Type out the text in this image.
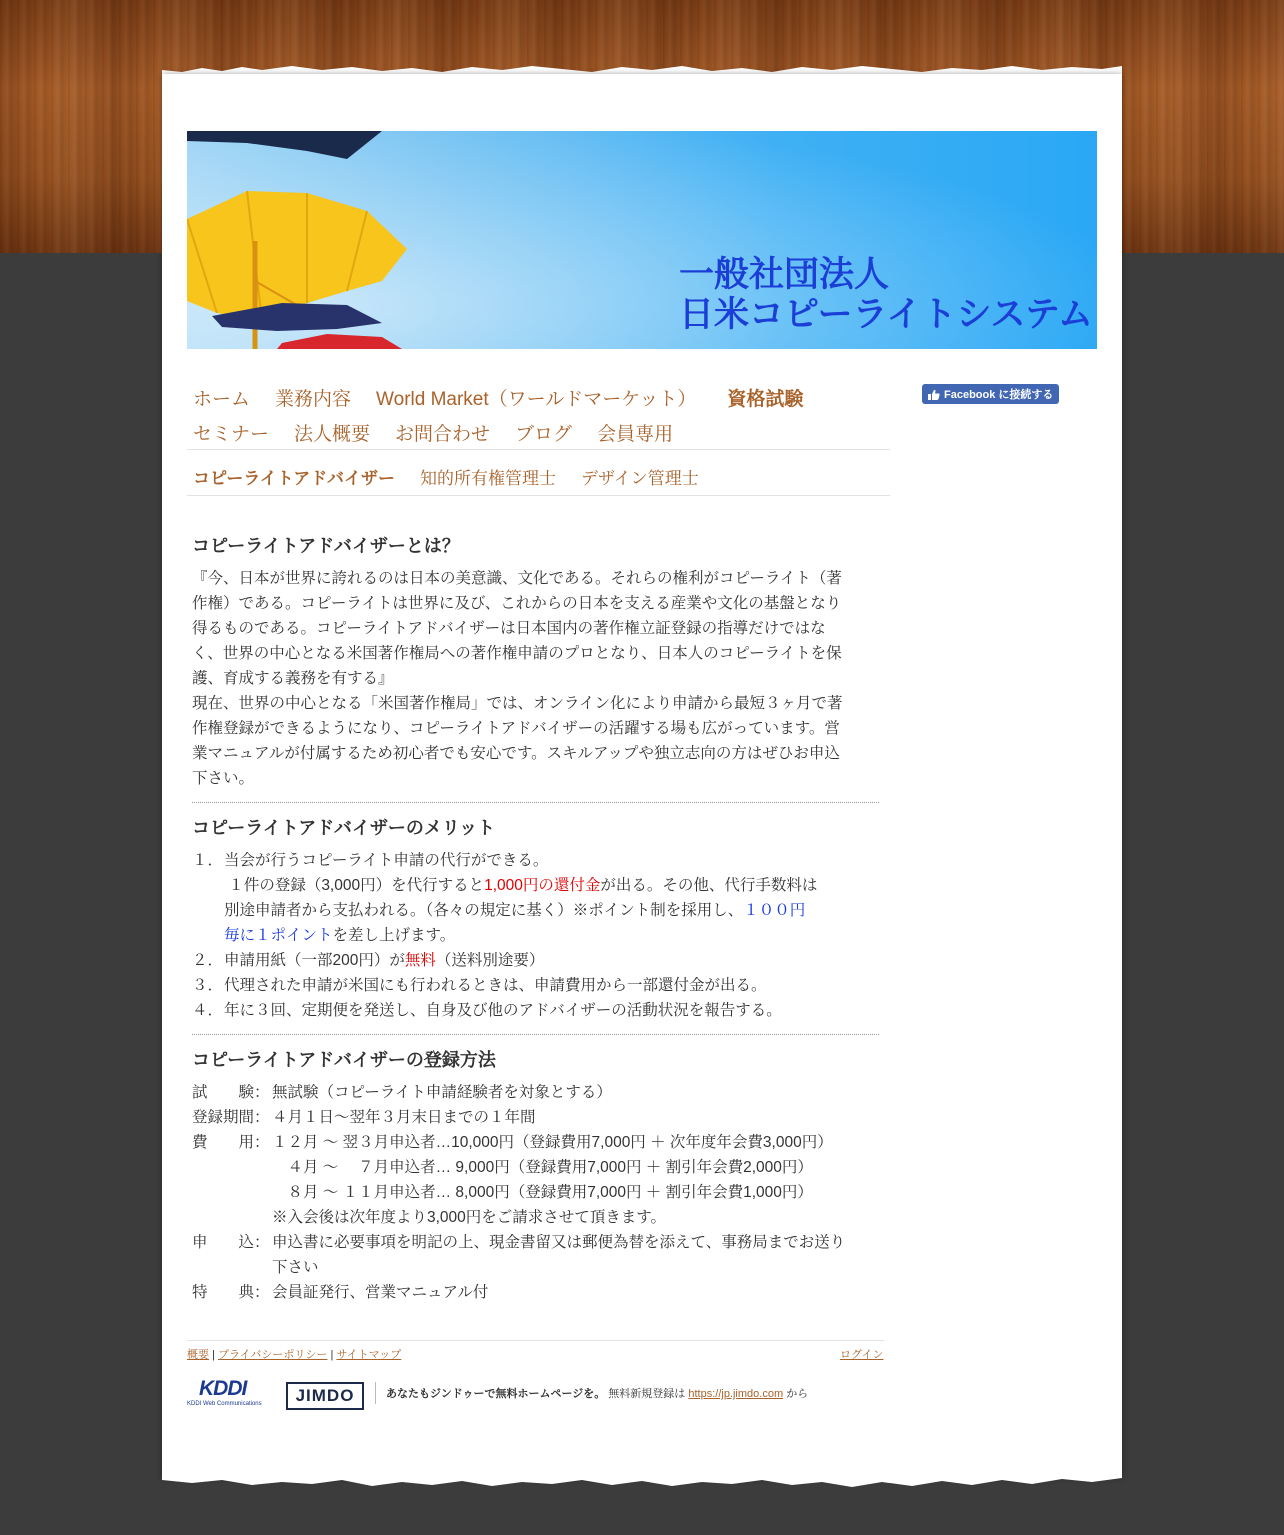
一般社団法人
日米コピーライトシステム
ホーム 業務内容 World Market（ワールドマーケット） 資格試験
セミナー 法人概要 お問合わせ ブログ 会員専用
コピーライトアドバイザー 知的所有権管理士 デザイン管理士
Facebook に接続する
コピーライトアドバイザーとは？
『今、日本が世界に誇れるのは日本の美意識、文化である。それらの権利がコピーライト（著
作権）である。コピーライトは世界に及び、これからの日本を支える産業や文化の基盤となり
得るものである。コピーライトアドバイザーは日本国内の著作権立証登録の指導だけではな
く、世界の中心となる米国著作権局への著作権申請のプロとなり、日本人のコピーライトを保
護、育成する義務を有する』
現在、世界の中心となる「米国著作権局」では、オンライン化により申請から最短３ヶ月で著
作権登録ができるようになり、コピーライトアドバイザーの活躍する場も広がっています。営
業マニュアルが付属するため初心者でも安心です。スキルアップや独立志向の方はぜひお申込
下さい。
コピーライトアドバイザーのメリット
１． 当会が行うコピーライト申請の代行ができる。
１件の登録（3,000円）を代行すると1,000円の還付金が出る。その他、代行手数料は
別途申請者から支払われる。（各々の規定に基く）※ポイント制を採用し、１００円
毎に１ポイントを差し上げます。
２． 申請用紙（一部200円）が無料（送料別途要）
３． 代理された申請が米国にも行われるときは、申請費用から一部還付金が出る。
４． 年に３回、定期便を発送し、自身及び他のアドバイザーの活動状況を報告する。
コピーライトアドバイザーの登録方法
試　　験： 無試験（コピーライト申請経験者を対象とする）
登録期間： ４月１日～翌年３月末日までの１年間
費　　用： １２月 ～ 翌３月申込者…10,000円（登録費用7,000円 ＋ 次年度年会費3,000円）
　４月 ～　 ７月申込者… 9,000円（登録費用7,000円 ＋ 割引年会費2,000円）
　８月 ～ １１月申込者… 8,000円（登録費用7,000円 ＋ 割引年会費1,000円）
※入会後は次年度より3,000円をご請求させて頂きます。
申　　込： 申込書に必要事項を明記の上、現金書留又は郵便為替を添えて、事務局までお送り
下さい
特　　典： 会員証発行、営業マニュアル付
概要 | プライバシーポリシー | サイトマップ	ログイン
KDDI
KDDI Web Communications	JIMDO	あなたもジンドゥーで無料ホームページを。 無料新規登録は https://jp.jimdo.com から
